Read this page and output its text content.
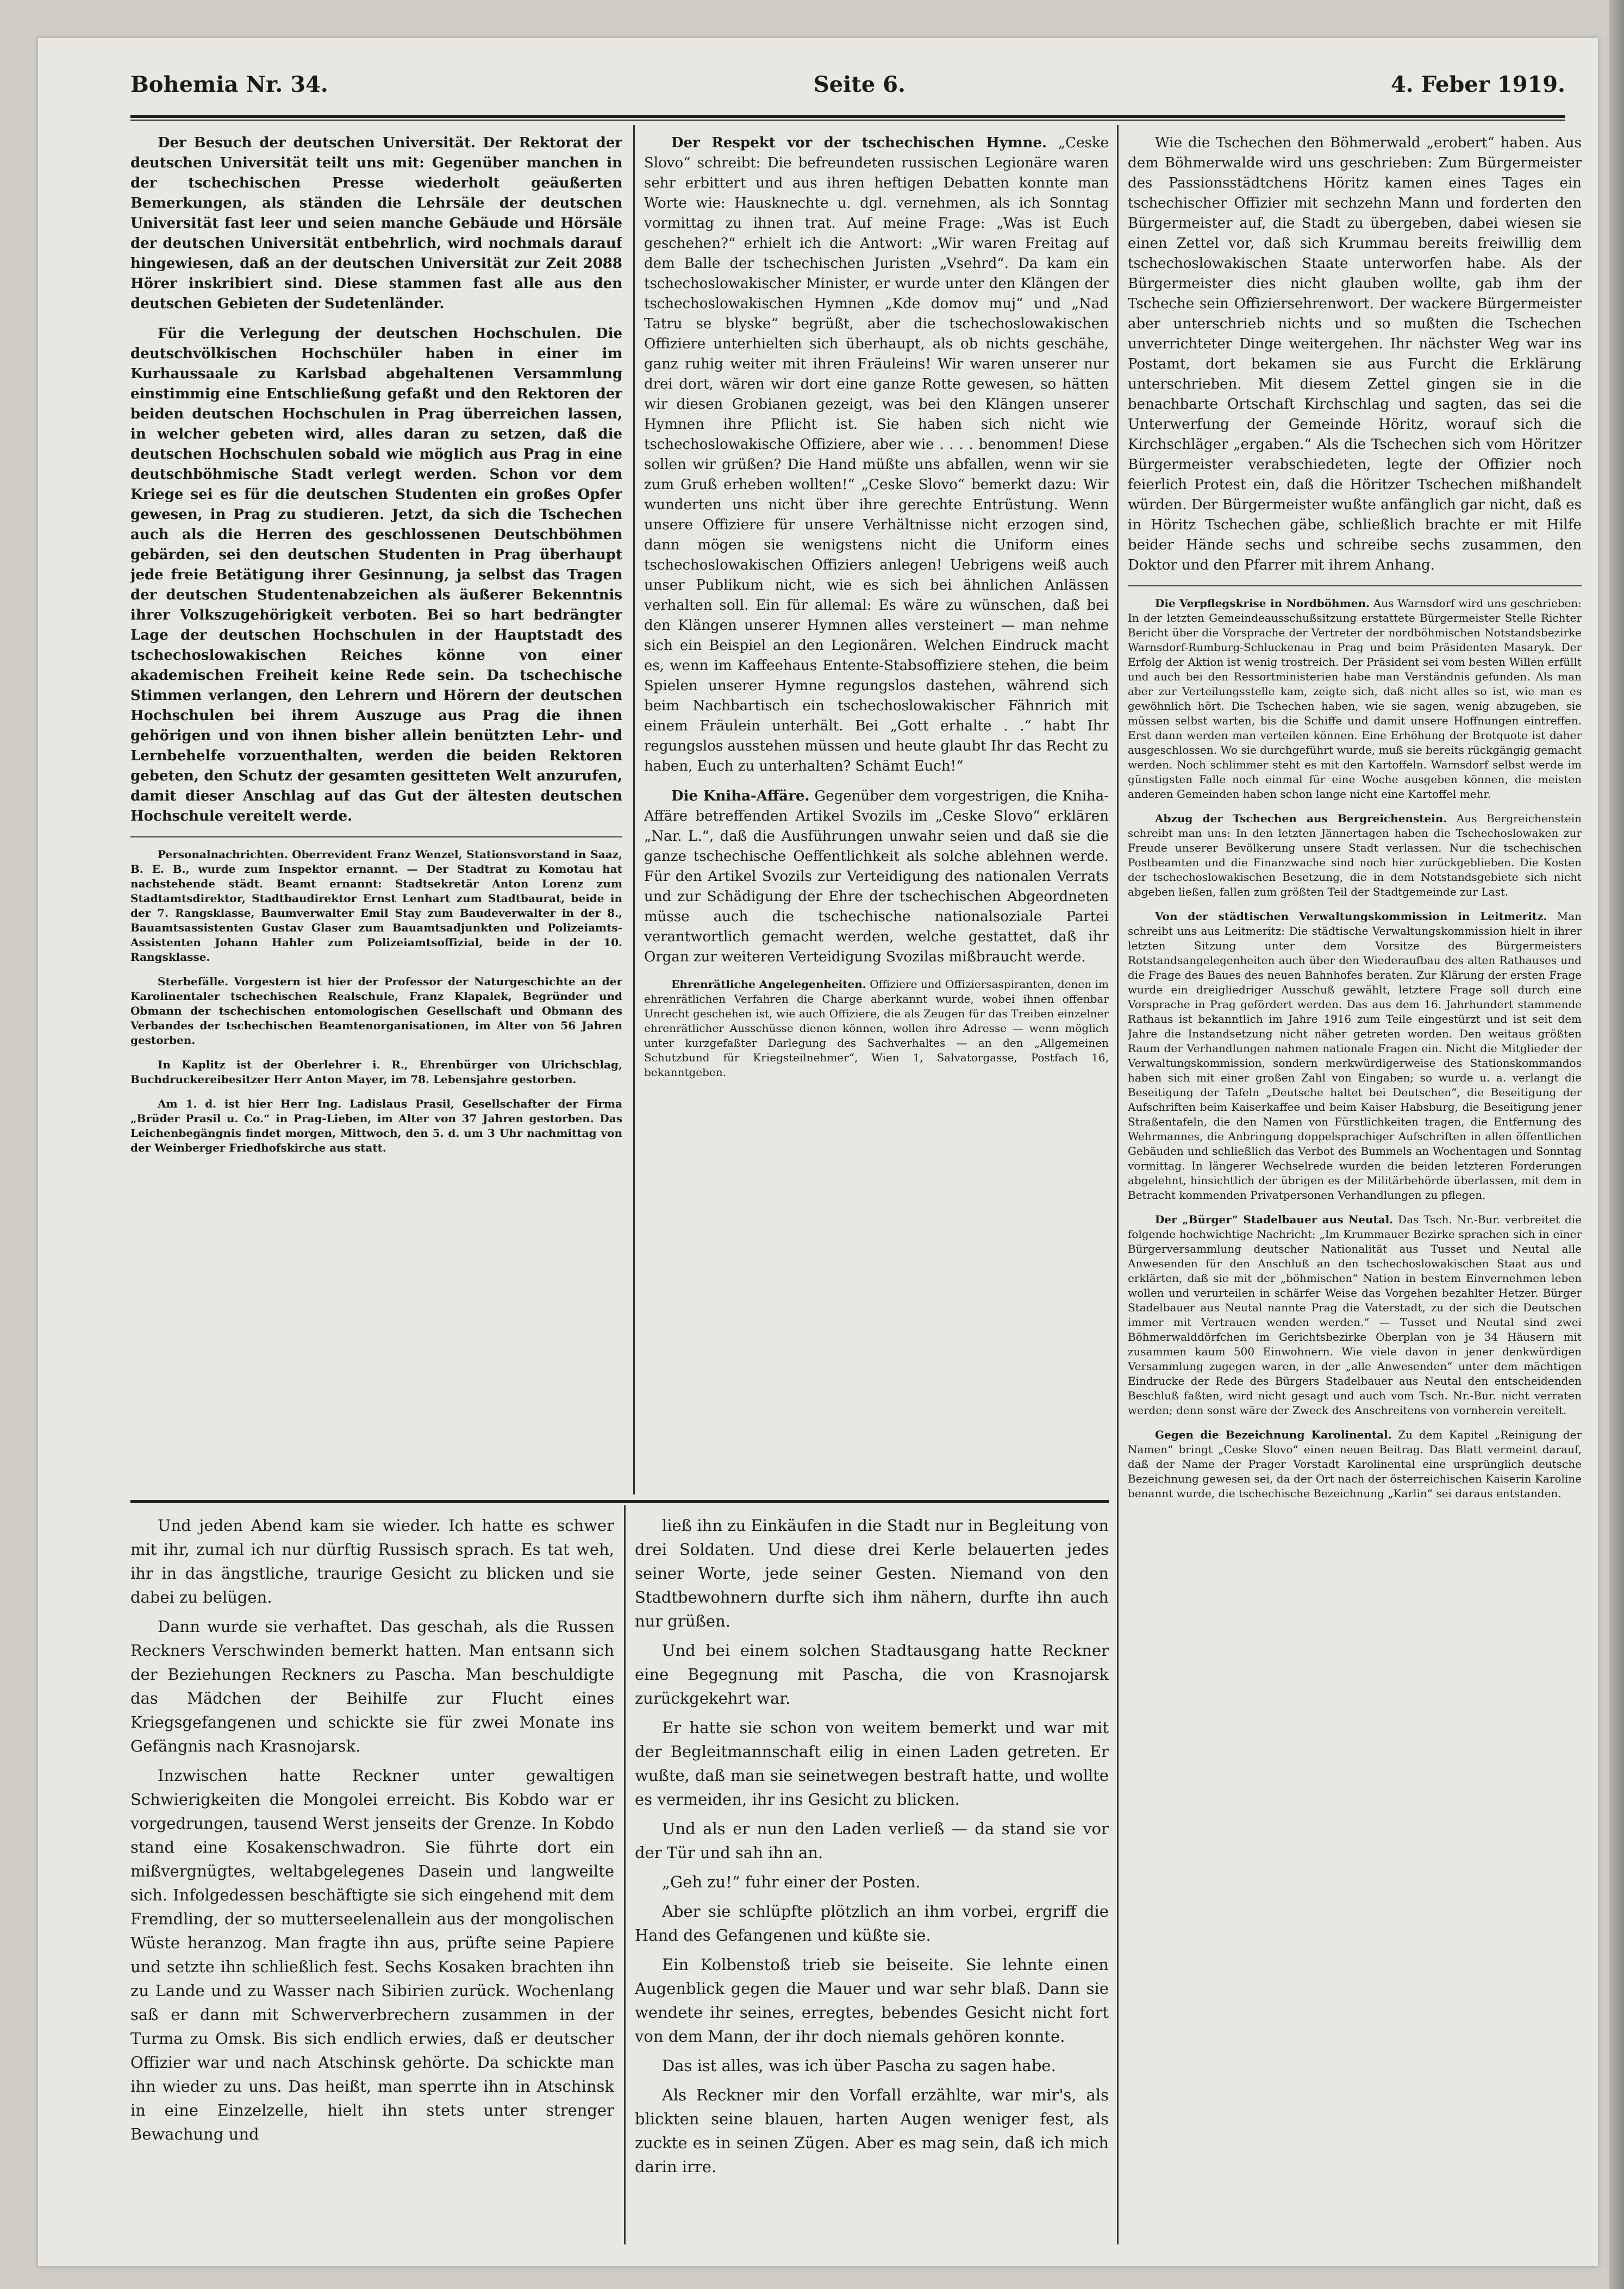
Bohemia Nr. 34.	Seite 6.	4. Feber 1919.

Der Besuch der deutschen Universität. Der Rektorat der deutschen Universität teilt uns mit: Gegenüber manchen in der tschechischen Presse wiederholt geäußerten Bemerkungen, als ständen die Lehrsäle der deutschen Universität fast leer und seien manche Gebäude und Hörsäle der deutschen Universität entbehrlich, wird nochmals darauf hingewiesen, daß an der deutschen Universität zur Zeit 2088 Hörer inskribiert sind. Diese stammen fast alle aus den deutschen Gebieten der Sudetenländer.

Für die Verlegung der deutschen Hochschulen. Die deutschvölkischen Hochschüler haben in einer im Kurhaussaale zu Karlsbad abgehaltenen Versammlung einstimmig eine Entschließung gefaßt und den Rektoren der beiden deutschen Hochschulen in Prag überreichen lassen, in welcher gebeten wird, alles daran zu setzen, daß die deutschen Hochschulen sobald wie möglich aus Prag in eine deutschböhmische Stadt verlegt werden. Schon vor dem Kriege sei es für die deutschen Studenten ein großes Opfer gewesen, in Prag zu studieren. Jetzt, da sich die Tschechen auch als die Herren des geschlossenen Deutschböhmen gebärden, sei den deutschen Studenten in Prag überhaupt jede freie Betätigung ihrer Gesinnung, ja selbst das Tragen der deutschen Studentenabzeichen als äußerer Bekenntnis ihrer Volkszugehörigkeit verboten. Bei so hart bedrängter Lage der deutschen Hochschulen in der Hauptstadt des tschechoslowakischen Reiches könne von einer akademischen Freiheit keine Rede sein. Da tschechische Stimmen verlangen, den Lehrern und Hörern der deutschen Hochschulen bei ihrem Auszuge aus Prag die ihnen gehörigen und von ihnen bisher allein benützten Lehr- und Lernbehelfe vorzuenthalten, werden die beiden Rektoren gebeten, den Schutz der gesamten gesitteten Welt anzurufen, damit dieser Anschlag auf das Gut der ältesten deutschen Hochschule vereitelt werde.

Personalnachrichten. Oberrevident Franz Wenzel, Stationsvorstand in Saaz, B. E. B., wurde zum Inspektor ernannt. — Der Stadtrat zu Komotau hat nachstehende städt. Beamt ernannt: Stadtsekretär Anton Lorenz zum Stadtamtsdirektor, Stadtbaudirektor Ernst Lenhart zum Stadtbaurat, beide in der 7. Rangsklasse, Baumverwalter Emil Stay zum Baudeverwalter in der 8., Bauamtsassistenten Gustav Glaser zum Bauamtsadjunkten und Polizeiamts-Assistenten Johann Hahler zum Polizeiamtsoffizial, beide in der 10. Rangsklasse.

Sterbefälle. Vorgestern ist hier der Professor der Naturgeschichte an der Karolinentaler tschechischen Realschule, Franz Klapalek, Begründer und Obmann der tschechischen entomologischen Gesellschaft und Obmann des Verbandes der tschechischen Beamtenorganisationen, im Alter von 56 Jahren gestorben.

In Kaplitz ist der Oberlehrer i. R., Ehrenbürger von Ulrichschlag, Buchdruckereibesitzer Herr Anton Mayer, im 78. Lebensjahre gestorben.

Am 1. d. ist hier Herr Ing. Ladislaus Prasil, Gesellschafter der Firma „Brüder Prasil u. Co.“ in Prag-Lieben, im Alter von 37 Jahren gestorben. Das Leichenbegängnis findet morgen, Mittwoch, den 5. d. um 3 Uhr nachmittag von der Weinberger Friedhofskirche aus statt.

Der Respekt vor der tschechischen Hymne. „Ceske Slovo“ schreibt: Die befreundeten russischen Legionäre waren sehr erbittert und aus ihren heftigen Debatten konnte man Worte wie: Hausknechte u. dgl. vernehmen, als ich Sonntag vormittag zu ihnen trat. Auf meine Frage: „Was ist Euch geschehen?“ erhielt ich die Antwort: „Wir waren Freitag auf dem Balle der tschechischen Juristen „Vsehrd“. Da kam ein tschechoslowakischer Minister, er wurde unter den Klängen der tschechoslowakischen Hymnen „Kde domov muj“ und „Nad Tatru se blyske“ begrüßt, aber die tschechoslowakischen Offiziere unterhielten sich überhaupt, als ob nichts geschähe, ganz ruhig weiter mit ihren Fräuleins! Wir waren unserer nur drei dort, wären wir dort eine ganze Rotte gewesen, so hätten wir diesen Grobianen gezeigt, was bei den Klängen unserer Hymnen ihre Pflicht ist. Sie haben sich nicht wie tschechoslowakische Offiziere, aber wie . . . . benommen! Diese sollen wir grüßen? Die Hand müßte uns abfallen, wenn wir sie zum Gruß erheben wollten!“ „Ceske Slovo“ bemerkt dazu: Wir wunderten uns nicht über ihre gerechte Entrüstung. Wenn unsere Offiziere für unsere Verhältnisse nicht erzogen sind, dann mögen sie wenigstens nicht die Uniform eines tschechoslowakischen Offiziers anlegen! Uebrigens weiß auch unser Publikum nicht, wie es sich bei ähnlichen Anlässen verhalten soll. Ein für allemal: Es wäre zu wünschen, daß bei den Klängen unserer Hymnen alles versteinert — man nehme sich ein Beispiel an den Legionären. Welchen Eindruck macht es, wenn im Kaffeehaus Entente-Stabsoffiziere stehen, die beim Spielen unserer Hymne regungslos dastehen, während sich beim Nachbartisch ein tschechoslowakischer Fähnrich mit einem Fräulein unterhält. Bei „Gott erhalte . .“ habt Ihr regungslos ausstehen müssen und heute glaubt Ihr das Recht zu haben, Euch zu unterhalten? Schämt Euch!“

Die Kniha-Affäre. Gegenüber dem vorgestrigen, die Kniha-Affäre betreffenden Artikel Svozils im „Ceske Slovo“ erklären „Nar. L.“, daß die Ausführungen unwahr seien und daß sie die ganze tschechische Oeffentlichkeit als solche ablehnen werde. Für den Artikel Svozils zur Verteidigung des nationalen Verrats und zur Schädigung der Ehre der tschechischen Abgeordneten müsse auch die tschechische nationalsoziale Partei verantwortlich gemacht werden, welche gestattet, daß ihr Organ zur weiteren Verteidigung Svozilas mißbraucht werde.

Ehrenrätliche Angelegenheiten. Offiziere und Offiziersaspiranten, denen im ehrenrätlichen Verfahren die Charge aberkannt wurde, wobei ihnen offenbar Unrecht geschehen ist, wie auch Offiziere, die als Zeugen für das Treiben einzelner ehrenrätlicher Ausschüsse dienen können, wollen ihre Adresse — wenn möglich unter kurzgefaßter Darlegung des Sachverhaltes — an den „Allgemeinen Schutzbund für Kriegsteilnehmer“, Wien 1, Salvatorgasse, Postfach 16, bekanntgeben.

Wie die Tschechen den Böhmerwald „erobert“ haben. Aus dem Böhmerwalde wird uns geschrieben: Zum Bürgermeister des Passionsstädtchens Höritz kamen eines Tages ein tschechischer Offizier mit sechzehn Mann und forderten den Bürgermeister auf, die Stadt zu übergeben, dabei wiesen sie einen Zettel vor, daß sich Krummau bereits freiwillig dem tschechoslowakischen Staate unterworfen habe. Als der Bürgermeister dies nicht glauben wollte, gab ihm der Tscheche sein Offiziersehrenwort. Der wackere Bürgermeister aber unterschrieb nichts und so mußten die Tschechen unverrichteter Dinge weitergehen. Ihr nächster Weg war ins Postamt, dort bekamen sie aus Furcht die Erklärung unterschrieben. Mit diesem Zettel gingen sie in die benachbarte Ortschaft Kirchschlag und sagten, das sei die Unterwerfung der Gemeinde Höritz, worauf sich die Kirchschläger „ergaben.“ Als die Tschechen sich vom Höritzer Bürgermeister verabschiedeten, legte der Offizier noch feierlich Protest ein, daß die Höritzer Tschechen mißhandelt würden. Der Bürgermeister wußte anfänglich gar nicht, daß es in Höritz Tschechen gäbe, schließlich brachte er mit Hilfe beider Hände sechs und schreibe sechs zusammen, den Doktor und den Pfarrer mit ihrem Anhang.

Die Verpflegskrise in Nordböhmen. Aus Warnsdorf wird uns geschrieben: In der letzten Gemeindeausschußsitzung erstattete Bürgermeister Stelle Richter Bericht über die Vorsprache der Vertreter der nordböhmischen Notstandsbezirke Warnsdorf-Rumburg-Schluckenau in Prag und beim Präsidenten Masaryk. Der Erfolg der Aktion ist wenig trostreich. Der Präsident sei vom besten Willen erfüllt und auch bei den Ressortministerien habe man Verständnis gefunden. Als man aber zur Verteilungsstelle kam, zeigte sich, daß nicht alles so ist, wie man es gewöhnlich hört. Die Tschechen haben, wie sie sagen, wenig abzugeben, sie müssen selbst warten, bis die Schiffe und damit unsere Hoffnungen eintreffen. Erst dann werden man verteilen können. Eine Erhöhung der Brotquote ist daher ausgeschlossen. Wo sie durchgeführt wurde, muß sie bereits rückgängig gemacht werden. Noch schlimmer steht es mit den Kartoffeln. Warnsdorf selbst werde im günstigsten Falle noch einmal für eine Woche ausgeben können, die meisten anderen Gemeinden haben schon lange nicht eine Kartoffel mehr.

Abzug der Tschechen aus Bergreichenstein. Aus Bergreichenstein schreibt man uns: In den letzten Jännertagen haben die Tschechoslowaken zur Freude unserer Bevölkerung unsere Stadt verlassen. Nur die tschechischen Postbeamten und die Finanzwache sind noch hier zurückgeblieben. Die Kosten der tschechoslowakischen Besetzung, die in dem Notstandsgebiete sich nicht abgeben ließen, fallen zum größten Teil der Stadtgemeinde zur Last.

Von der städtischen Verwaltungskommission in Leitmeritz. Man schreibt uns aus Leitmeritz: Die städtische Verwaltungskommission hielt in ihrer letzten Sitzung unter dem Vorsitze des Bürgermeisters Rotstandsangelegenheiten auch über den Wiederaufbau des alten Rathauses und die Frage des Baues des neuen Bahnhofes beraten. Zur Klärung der ersten Frage wurde ein dreigliedriger Ausschuß gewählt, letztere Frage soll durch eine Vorsprache in Prag gefördert werden. Das aus dem 16. Jahrhundert stammende Rathaus ist bekanntlich im Jahre 1916 zum Teile eingestürzt und ist seit dem Jahre die Instandsetzung nicht näher getreten worden. Den weitaus größten Raum der Verhandlungen nahmen nationale Fragen ein. Nicht die Mitglieder der Verwaltungskommission, sondern merkwürdigerweise des Stationskommandos haben sich mit einer großen Zahl von Eingaben; so wurde u. a. verlangt die Beseitigung der Tafeln „Deutsche haltet bei Deutschen“, die Beseitigung der Aufschriften beim Kaiserkaffee und beim Kaiser Habsburg, die Beseitigung jener Straßentafeln, die den Namen von Fürstlichkeiten tragen, die Entfernung des Wehrmannes, die Anbringung doppelsprachiger Aufschriften in allen öffentlichen Gebäuden und schließlich das Verbot des Bummels an Wochentagen und Sonntag vormittag. In längerer Wechselrede wurden die beiden letzteren Forderungen abgelehnt, hinsichtlich der übrigen es der Militärbehörde überlassen, mit dem in Betracht kommenden Privatpersonen Verhandlungen zu pflegen.

Der „Bürger“ Stadelbauer aus Neutal. Das Tsch. Nr.-Bur. verbreitet die folgende hochwichtige Nachricht: „Im Krummauer Bezirke sprachen sich in einer Bürgerversammlung deutscher Nationalität aus Tusset und Neutal alle Anwesenden für den Anschluß an den tschechoslowakischen Staat aus und erklärten, daß sie mit der „böhmischen“ Nation in bestem Einvernehmen leben wollen und verurteilen in schärfer Weise das Vorgehen bezahlter Hetzer. Bürger Stadelbauer aus Neutal nannte Prag die Vaterstadt, zu der sich die Deutschen immer mit Vertrauen wenden werden.“ — Tusset und Neutal sind zwei Böhmerwalddörfchen im Gerichtsbezirke Oberplan von je 34 Häusern mit zusammen kaum 500 Einwohnern. Wie viele davon in jener denkwürdigen Versammlung zugegen waren, in der „alle Anwesenden“ unter dem mächtigen Eindrucke der Rede des Bürgers Stadelbauer aus Neutal den entscheidenden Beschluß faßten, wird nicht gesagt und auch vom Tsch. Nr.-Bur. nicht verraten werden; denn sonst wäre der Zweck des Anschreitens von vornherein vereitelt.

Gegen die Bezeichnung Karolinental. Zu dem Kapitel „Reinigung der Namen“ bringt „Ceske Slovo“ einen neuen Beitrag. Das Blatt vermeint darauf, daß der Name der Prager Vorstadt Karolinental eine ursprünglich deutsche Bezeichnung gewesen sei, da der Ort nach der österreichischen Kaiserin Karoline benannt wurde, die tschechische Bezeichnung „Karlin“ sei daraus entstanden.

Und jeden Abend kam sie wieder. Ich hatte es schwer mit ihr, zumal ich nur dürftig Russisch sprach. Es tat weh, ihr in das ängstliche, traurige Gesicht zu blicken und sie dabei zu belügen.

Dann wurde sie verhaftet. Das geschah, als die Russen Reckners Verschwinden bemerkt hatten. Man entsann sich der Beziehungen Reckners zu Pascha. Man beschuldigte das Mädchen der Beihilfe zur Flucht eines Kriegsgefangenen und schickte sie für zwei Monate ins Gefängnis nach Krasnojarsk.

Inzwischen hatte Reckner unter gewaltigen Schwierigkeiten die Mongolei erreicht. Bis Kobdo war er vorgedrungen, tausend Werst jenseits der Grenze. In Kobdo stand eine Kosakenschwadron. Sie führte dort ein mißvergnügtes, weltabgelegenes Dasein und langweilte sich. Infolgedessen beschäftigte sie sich eingehend mit dem Fremdling, der so mutterseelenallein aus der mongolischen Wüste heranzog. Man fragte ihn aus, prüfte seine Papiere und setzte ihn schließlich fest. Sechs Kosaken brachten ihn zu Lande und zu Wasser nach Sibirien zurück. Wochenlang saß er dann mit Schwerverbrechern zusammen in der Turma zu Omsk. Bis sich endlich erwies, daß er deutscher Offizier war und nach Atschinsk gehörte. Da schickte man ihn wieder zu uns. Das heißt, man sperrte ihn in Atschinsk in eine Einzelzelle, hielt ihn stets unter strenger Bewachung und

ließ ihn zu Einkäufen in die Stadt nur in Begleitung von drei Soldaten. Und diese drei Kerle belauerten jedes seiner Worte, jede seiner Gesten. Niemand von den Stadtbewohnern durfte sich ihm nähern, durfte ihn auch nur grüßen.

Und bei einem solchen Stadtausgang hatte Reckner eine Begegnung mit Pascha, die von Krasnojarsk zurückgekehrt war.

Er hatte sie schon von weitem bemerkt und war mit der Begleitmannschaft eilig in einen Laden getreten. Er wußte, daß man sie seinetwegen bestraft hatte, und wollte es vermeiden, ihr ins Gesicht zu blicken.

Und als er nun den Laden verließ — da stand sie vor der Tür und sah ihn an.

„Geh zu!“ fuhr einer der Posten.

Aber sie schlüpfte plötzlich an ihm vorbei, ergriff die Hand des Gefangenen und küßte sie.

Ein Kolbenstoß trieb sie beiseite. Sie lehnte einen Augenblick gegen die Mauer und war sehr blaß. Dann sie wendete ihr seines, erregtes, bebendes Gesicht nicht fort von dem Mann, der ihr doch niemals gehören konnte.

Das ist alles, was ich über Pascha zu sagen habe.

Als Reckner mir den Vorfall erzählte, war mir's, als blickten seine blauen, harten Augen weniger fest, als zuckte es in seinen Zügen. Aber es mag sein, daß ich mich darin irre.
